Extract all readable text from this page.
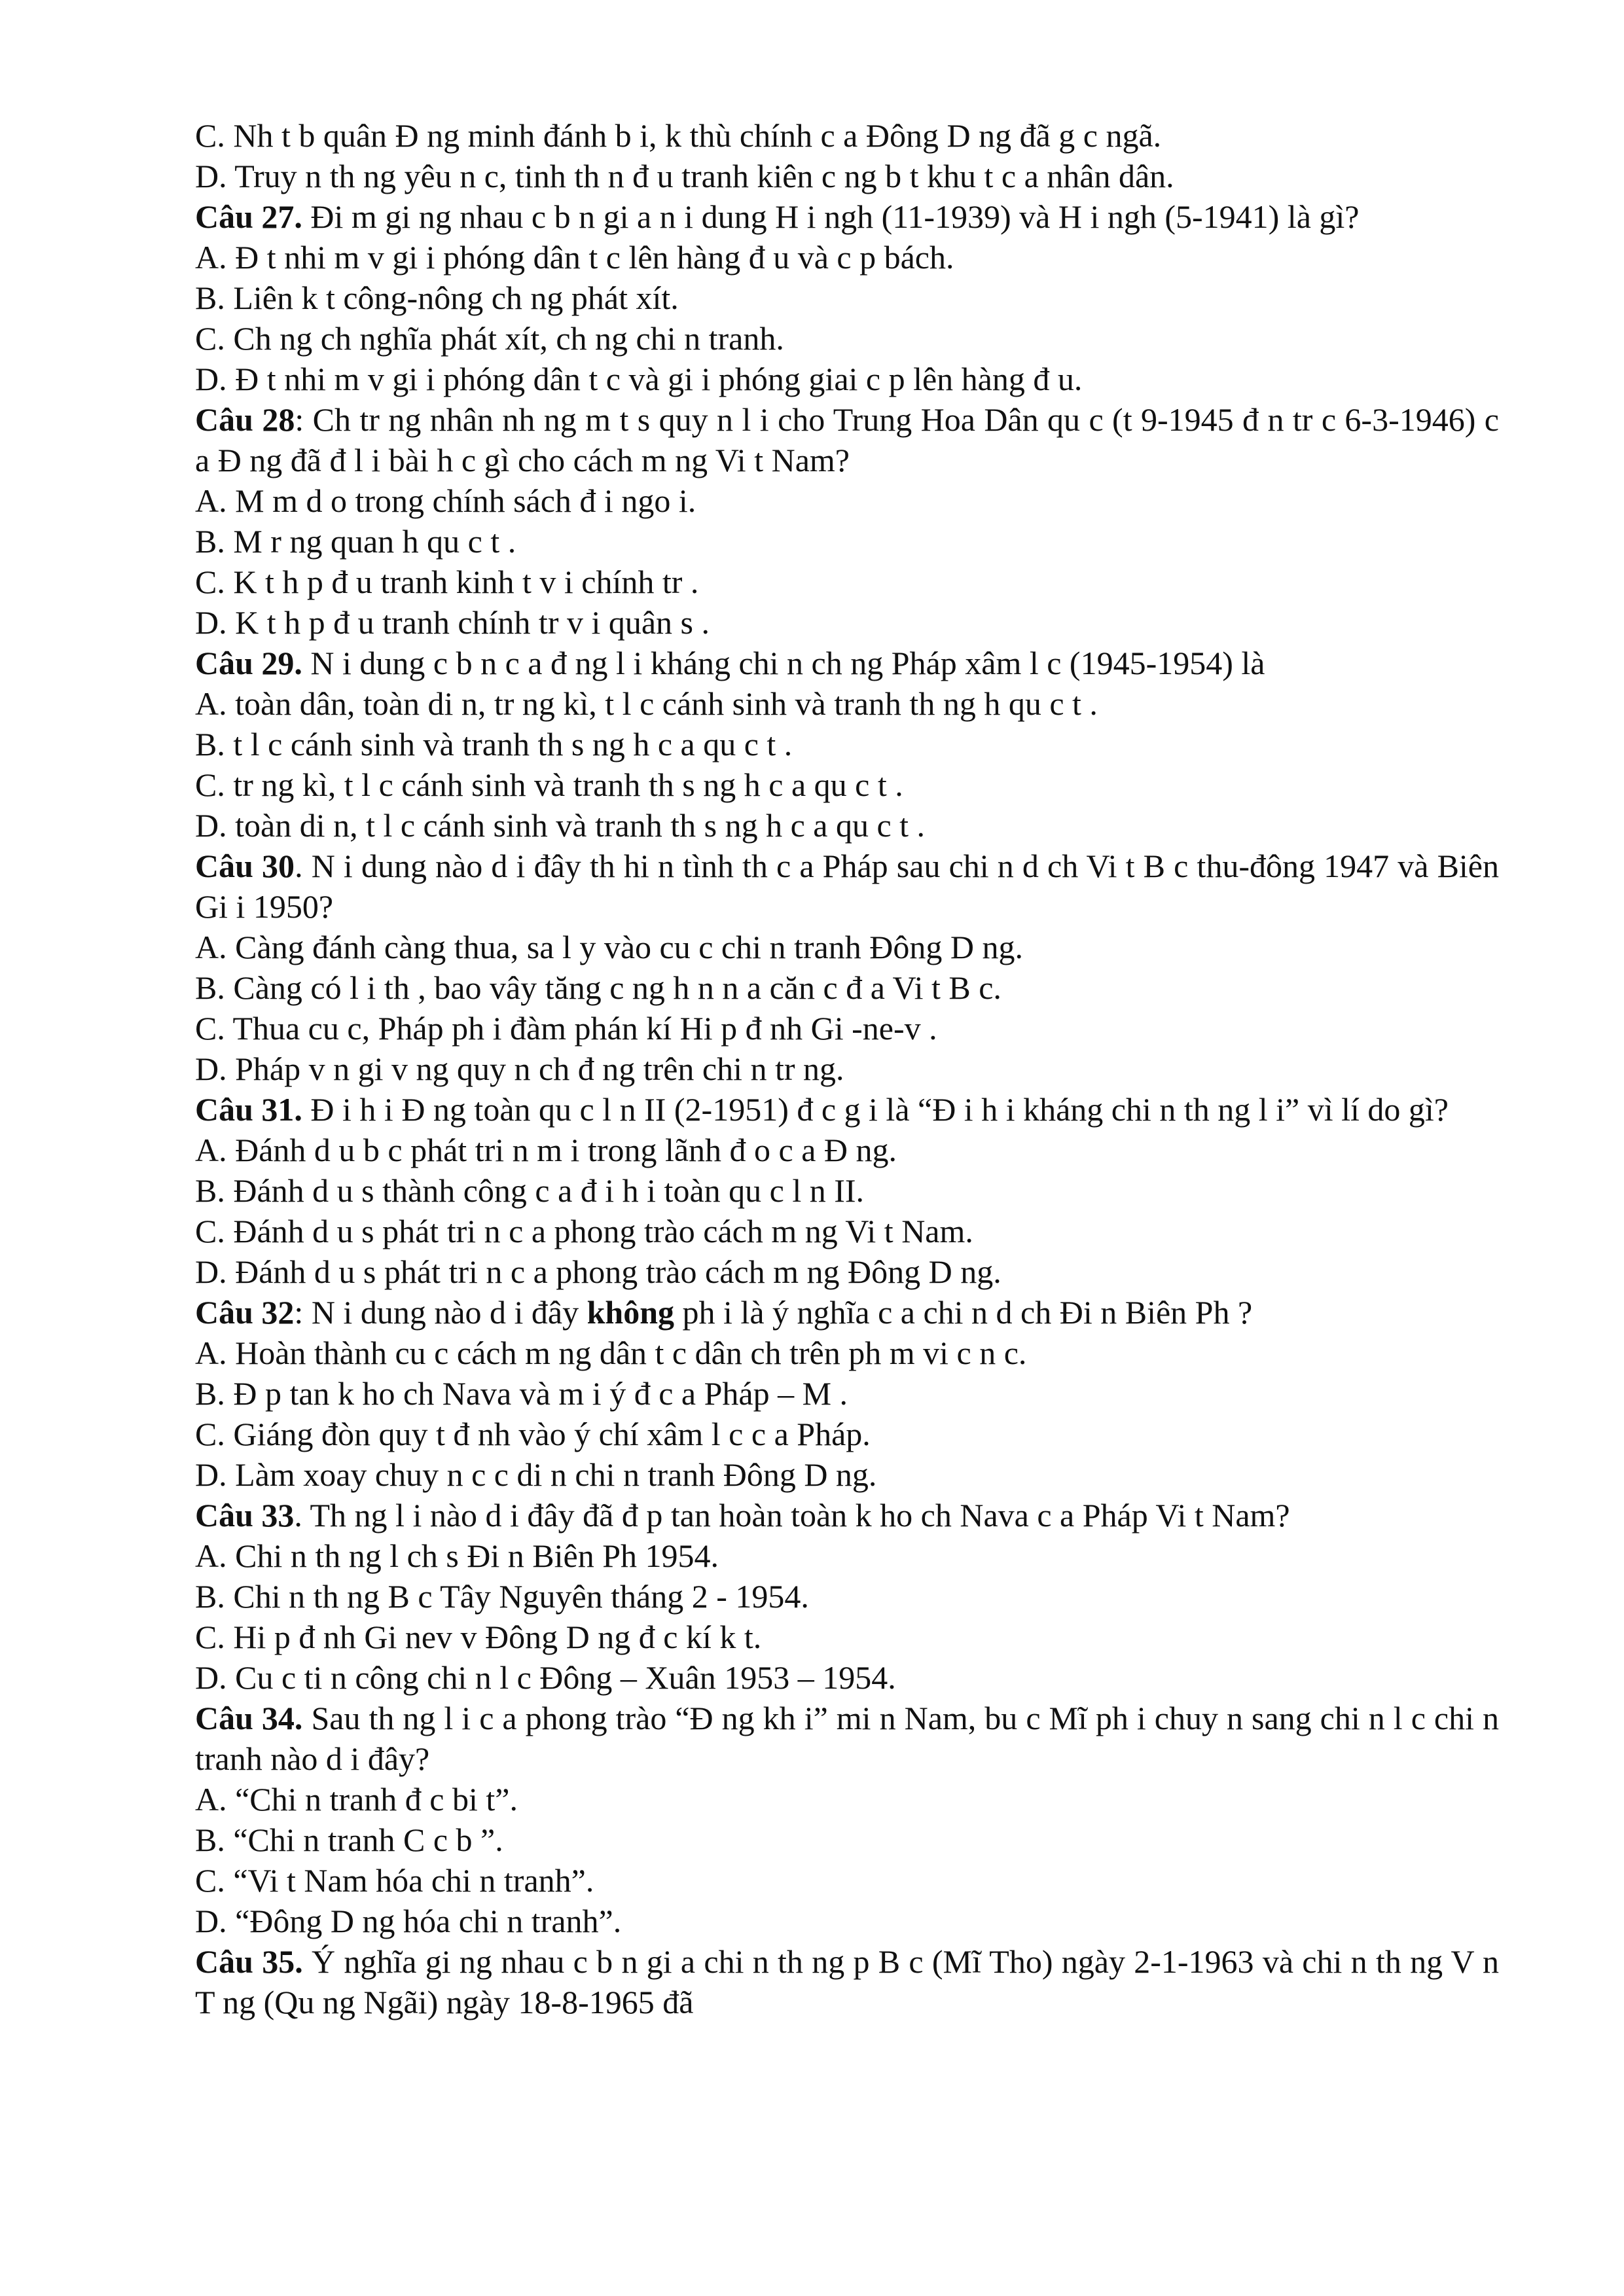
C. Nh t b quân Đ ng minh đánh b i, k thù chính c a Đông D ng đã g c ngã.
D. Truy n th ng yêu n c, tinh th n đ u tranh kiên c ng b t khu t c a nhân dân.
Câu 27. Đi m gi ng nhau c b n gi a n i dung H i ngh (11-1939) và H i ngh (5-1941) là gì?
A. Đ t nhi m v gi i phóng dân t c lên hàng đ u và c p bách.
B. Liên k t công-nông ch ng phát xít.
C. Ch ng ch nghĩa phát xít, ch ng chi n tranh.
D. Đ t nhi m v gi i phóng dân t c và gi i phóng giai c p lên hàng đ u.
Câu 28: Ch tr ng nhân nh ng m t s quy n l i cho Trung Hoa Dân qu c (t 9-1945 đ n tr c 6-3-1946) c a Đ ng đã đ l i bài h c gì cho cách m ng Vi t Nam?
A. M m d o trong chính sách đ i ngo i.
B. M r ng quan h qu c t .
C. K t h p đ u tranh kinh t v i chính tr .
D. K t h p đ u tranh chính tr v i quân s .
Câu 29. N i dung c b n c a đ ng l i kháng chi n ch ng Pháp xâm l c (1945-1954) là
A. toàn dân, toàn di n, tr ng kì, t l c cánh sinh và tranh th ng h qu c t .
B. t l c cánh sinh và tranh th s ng h c a qu c t .
C. tr ng kì, t l c cánh sinh và tranh th s ng h c a qu c t .
D. toàn di n, t l c cánh sinh và tranh th s ng h c a qu c t .
Câu 30. N i dung nào d i đây th hi n tình th c a Pháp sau chi n d ch Vi t B c thu-đông 1947 và Biên Gi i 1950?
A. Càng đánh càng thua, sa l y vào cu c chi n tranh Đông D ng.
B. Càng có l i th , bao vây tăng c ng h n n a căn c đ a Vi t B c.
C. Thua cu c, Pháp ph i đàm phán kí Hi p đ nh Gi -ne-v .
D. Pháp v n gi v ng quy n ch đ ng trên chi n tr ng.
Câu 31. Đ i h i Đ ng toàn qu c l n II (2-1951) đ c g i là “Đ i h i kháng chi n th ng l i” vì lí do gì?
A. Đánh d u b c phát tri n m i trong lãnh đ o c a Đ ng.
B. Đánh d u s thành công c a đ i h i toàn qu c l n II.
C. Đánh d u s phát tri n c a phong trào cách m ng Vi t Nam.
D. Đánh d u s phát tri n c a phong trào cách m ng Đông D ng.
Câu 32: N i dung nào d i đây không ph i là ý nghĩa c a chi n d ch Đi n Biên Ph ?
A. Hoàn thành cu c cách m ng dân t c dân ch trên ph m vi c n c.
B. Đ p tan k ho ch Nava và m i ý đ c a Pháp – M .
C. Giáng đòn quy t đ nh vào ý chí xâm l c c a Pháp.
D. Làm xoay chuy n c c di n chi n tranh Đông D ng.
Câu 33. Th ng l i nào d i đây đã đ p tan hoàn toàn k ho ch Nava c a Pháp Vi t Nam?
A. Chi n th ng l ch s Đi n Biên Ph 1954.
B. Chi n th ng B c Tây Nguyên tháng 2 - 1954.
C. Hi p đ nh Gi nev v Đông D ng đ c kí k t.
D. Cu c ti n công chi n l c Đông – Xuân 1953 – 1954.
Câu 34. Sau th ng l i c a phong trào “Đ ng kh i” mi n Nam, bu c Mĩ ph i chuy n sang chi n l c chi n tranh nào d i đây?
A. “Chi n tranh đ c bi t”.
B. “Chi n tranh C c b ”.
C. “Vi t Nam hóa chi n tranh”.
D. “Đông D ng hóa chi n tranh”.
Câu 35. Ý nghĩa gi ng nhau c b n gi a chi n th ng p B c (Mĩ Tho) ngày 2-1-1963 và chi n th ng V n T ng (Qu ng Ngãi) ngày 18-8-1965 đã
